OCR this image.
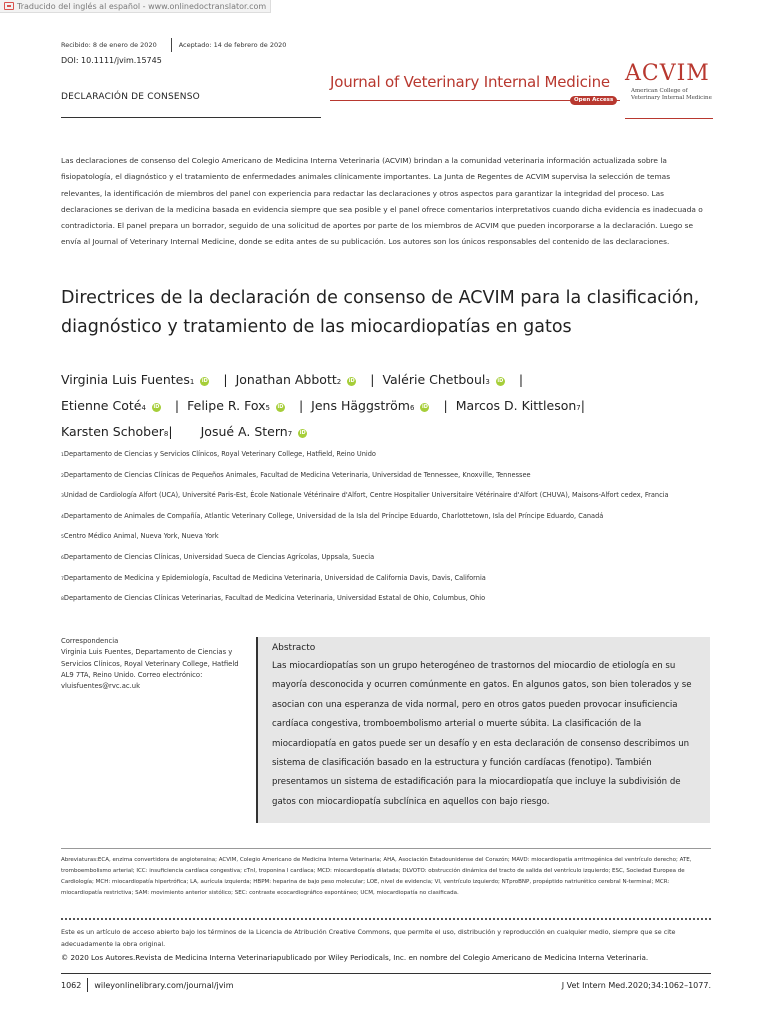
Traducido del inglés al español - www.onlinedoctranslator.com
Recibido: 8 de enero de 2020	Aceptado: 14 de febrero de 2020
DOI: 10.1111/jvim.15745
DECLARACIÓN DE CONSENSO
Journal of Veterinary Internal Medicine
Open Access
ACVIM
American College of
Veterinary Internal Medicine

Las declaraciones de consenso del Colegio Americano de Medicina Interna Veterinaria (ACVIM) brindan a la comunidad veterinaria información actualizada sobre la fisiopatología, el diagnóstico y el tratamiento de enfermedades animales clínicamente importantes. La Junta de Regentes de ACVIM supervisa la selección de temas relevantes, la identificación de miembros del panel con experiencia para redactar las declaraciones y otros aspectos para garantizar la integridad del proceso. Las declaraciones se derivan de la medicina basada en evidencia siempre que sea posible y el panel ofrece comentarios interpretativos cuando dicha evidencia es inadecuada o contradictoria. El panel prepara un borrador, seguido de una solicitud de aportes por parte de los miembros de ACVIM que pueden incorporarse a la declaración. Luego se envía al Journal of Veterinary Internal Medicine, donde se edita antes de su publicación. Los autores son los únicos responsables del contenido de las declaraciones.

Directrices de la declaración de consenso de ACVIM para la clasificación, diagnóstico y tratamiento de las miocardiopatías en gatos
Virginia Luis Fuentes1 iD | Jonathan Abbott2 iD | Valérie Chetboul3 iD |
Etienne Coté4 iD | Felipe R. Fox5 iD | Jens Häggström6 iD | Marcos D. Kittleson7|
Karsten Schober8| Josué A. Stern7 iD
1Departamento de Ciencias y Servicios Clínicos, Royal Veterinary College, Hatfield, Reino Unido
2Departamento de Ciencias Clínicas de Pequeños Animales, Facultad de Medicina Veterinaria, Universidad de Tennessee, Knoxville, Tennessee
3Unidad de Cardiología Alfort (UCA), Université Paris-Est, École Nationale Vétérinaire d'Alfort, Centre Hospitalier Universitaire Vétérinaire d'Alfort (CHUVA), Maisons-Alfort cedex, Francia
4Departamento de Animales de Compañía, Atlantic Veterinary College, Universidad de la Isla del Príncipe Eduardo, Charlottetown, Isla del Príncipe Eduardo, Canadá
5Centro Médico Animal, Nueva York, Nueva York
6Departamento de Ciencias Clínicas, Universidad Sueca de Ciencias Agrícolas, Uppsala, Suecia
7Departamento de Medicina y Epidemiología, Facultad de Medicina Veterinaria, Universidad de California Davis, Davis, California
8Departamento de Ciencias Clínicas Veterinarias, Facultad de Medicina Veterinaria, Universidad Estatal de Ohio, Columbus, Ohio
Correspondencia
Virginia Luis Fuentes, Departamento de Ciencias y Servicios Clínicos, Royal Veterinary College, Hatfield AL9 7TA, Reino Unido. Correo electrónico: vluisfuentes@rvc.ac.uk
Abstracto

Las miocardiopatías son un grupo heterogéneo de trastornos del miocardio de etiología en su mayoría desconocida y ocurren comúnmente en gatos. En algunos gatos, son bien tolerados y se asocian con una esperanza de vida normal, pero en otros gatos pueden provocar insuficiencia cardíaca congestiva, tromboembolismo arterial o muerte súbita. La clasificación de la miocardiopatía en gatos puede ser un desafío y en esta declaración de consenso describimos un sistema de clasificación basado en la estructura y función cardíacas (fenotipo). También presentamos un sistema de estadificación para la miocardiopatía que incluye la subdivisión de gatos con miocardiopatía subclínica en aquellos con bajo riesgo.

Abreviaturas:ECA, enzima convertidora de angiotensina; ACVIM, Colegio Americano de Medicina Interna Veterinaria; AHA, Asociación Estadounidense del Corazón; MAVD: miocardiopatía arritmogénica del ventrículo derecho; ATE, tromboembolismo arterial; ICC: insuficiencia cardíaca congestiva; cTnI, troponina I cardíaca; MCD: miocardiopatía dilatada; DLVOTO: obstrucción dinámica del tracto de salida del ventrículo izquierdo; ESC, Sociedad Europea de Cardiología; MCH: miocardiopatía hipertrófica; LA, aurícula izquierda; HBPM: heparina de bajo peso molecular; LOE, nivel de evidencia; VI, ventrículo izquierdo; NTproBNP, propéptido natriurético cerebral N-terminal; MCR: miocardiopatía restrictiva; SAM: movimiento anterior sistólico; SEC: contraste ecocardiográfico espontáneo; UCM, miocardiopatía no clasificada.

Este es un artículo de acceso abierto bajo los términos de la Licencia de Atribución Creative Commons, que permite el uso, distribución y reproducción en cualquier medio, siempre que se cite adecuadamente la obra original.

© 2020 Los Autores.Revista de Medicina Interna Veterinariapublicado por Wiley Periodicals, Inc. en nombre del Colegio Americano de Medicina Interna Veterinaria.

1062 wileyonlinelibrary.com/journal/jvim	J Vet Intern Med.2020;34:1062–1077.
